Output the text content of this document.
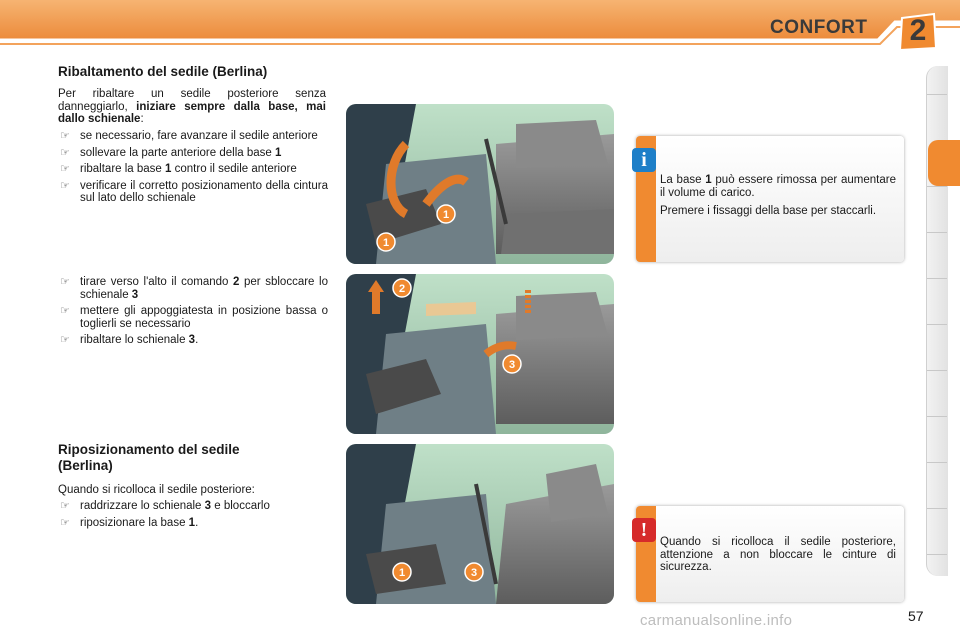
CONFORT	2
Ribaltamento del sedile (Berlina)
Per ribaltare un sedile posteriore senza danneggiarlo, iniziare sempre dalla base, mai dallo schienale:
☞ se necessario, fare avanzare il sedile anteriore
☞ sollevare la parte anteriore della base 1
☞ ribaltare la base 1 contro il sedile anteriore
☞ verificare il corretto posizionamento della cintura sul lato dello schienale
☞ tirare verso l'alto il comando 2 per sbloccare lo schienale 3
☞ mettere gli appoggiatesta in posizione bassa o toglierli se necessario
☞ ribaltare lo schienale 3.
Riposizionamento del sedile
(Berlina)
Quando si ricolloca il sedile posteriore:
☞ raddrizzare lo schienale 3 e bloccarlo
☞ riposizionare la base 1.
1
1
2
3
1	3
i

La base 1 può essere rimossa per aumentare il volume di carico.

Premere i fissaggi della base per staccarli.

!
Quando si ricolloca il sedile posteriore, attenzione a non bloccare le cinture di sicurezza.
57
carmanualsonline.info
